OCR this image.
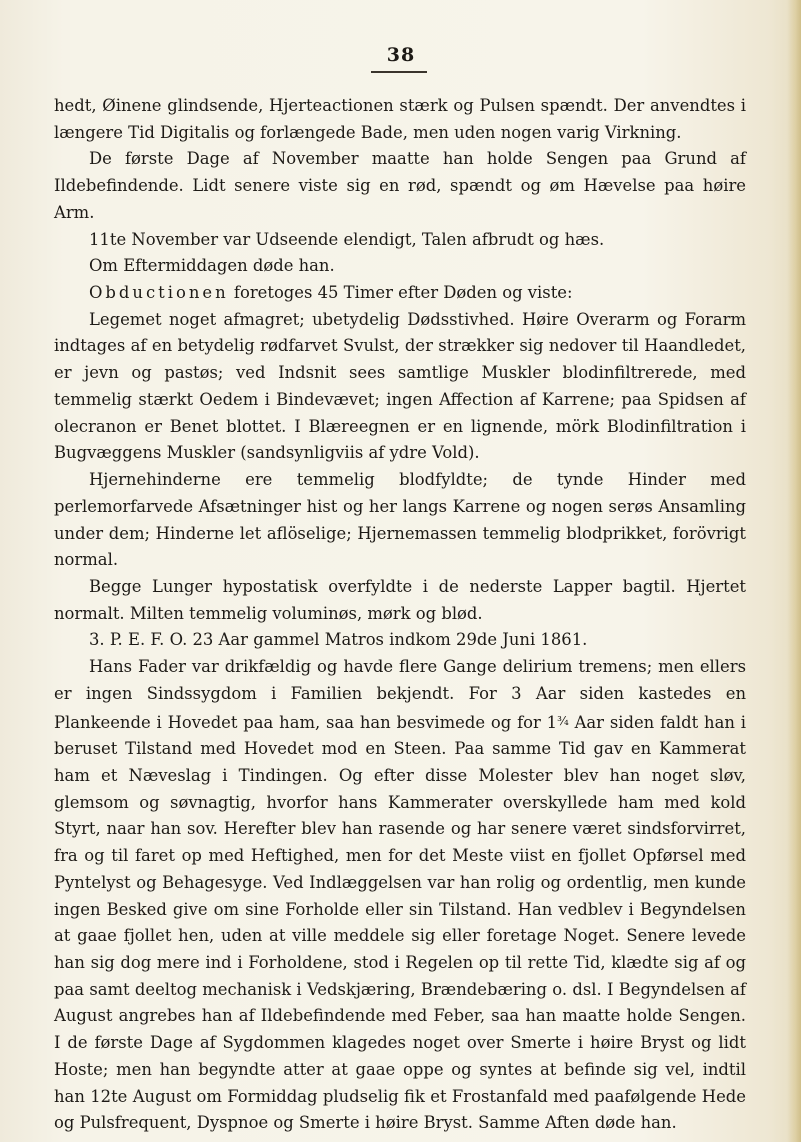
38

hedt, Øinene glindsende, Hjerteactionen stærk og Pulsen spændt. Der anvendtes i længere Tid Digitalis og forlængede Bade, men uden nogen varig Virkning.

De første Dage af November maatte han holde Sengen paa Grund af Ildebefindende. Lidt senere viste sig en rød, spændt og øm Hævelse paa høire Arm.

11te November var Udseende elendigt, Talen afbrudt og hæs.

Om Eftermiddagen døde han.

Obductionen foretoges 45 Timer efter Døden og viste:

Legemet noget afmagret; ubetydelig Dødsstivhed. Høire Overarm og Forarm indtages af en betydelig rødfarvet Svulst, der strækker sig nedover til Haandledet, er jevn og pastøs; ved Indsnit sees samtlige Muskler blodinfiltrerede, med temmelig stærkt Oedem i Bindevævet; ingen Affection af Karrene; paa Spidsen af olecranon er Benet blottet. I Blæreegnen er en lignende, mörk Blodinfiltration i Bugvæggens Muskler (sandsynligviis af ydre Vold).

Hjernehinderne ere temmelig blodfyldte; de tynde Hinder med perlemorfarvede Afsætninger hist og her langs Karrene og nogen serøs Ansamling under dem; Hinderne let aflöselige; Hjernemassen temmelig blodprikket, forövrigt normal.

Begge Lunger hypostatisk overfyldte i de nederste Lapper bagtil. Hjertet normalt. Milten temmelig voluminøs, mørk og blød.

3. P. E. F. O. 23 Aar gammel Matros indkom 29de Juni 1861.

Hans Fader var drikfældig og havde flere Gange delirium tremens; men ellers er ingen Sindssygdom i Familien bekjendt. For 3 Aar siden kastedes en Plankeende i Hovedet paa ham, saa han besvimede og for 1¾ Aar siden faldt han i beruset Tilstand med Hovedet mod en Steen. Paa samme Tid gav en Kammerat ham et Næveslag i Tindingen. Og efter disse Molester blev han noget sløv, glemsom og søvnagtig, hvorfor hans Kammerater overskyllede ham med kold Styrt, naar han sov. Herefter blev han rasende og har senere været sindsforvirret, fra og til faret op med Heftighed, men for det Meste viist en fjollet Opførsel med Pyntelyst og Behagesyge. Ved Indlæggelsen var han rolig og ordentlig, men kunde ingen Besked give om sine Forholde eller sin Tilstand. Han vedblev i Begyndelsen at gaae fjollet hen, uden at ville meddele sig eller foretage Noget. Senere levede han sig dog mere ind i Forholdene, stod i Regelen op til rette Tid, klædte sig af og paa samt deeltog mechanisk i Vedskjæring, Brændebæring o. dsl. I Begyndelsen af August angrebes han af Ildebefindende med Feber, saa han maatte holde Sengen. I de første Dage af Sygdommen klagedes noget over Smerte i høire Bryst og lidt Hoste; men han begyndte atter at gaae oppe og syntes at befinde sig vel, indtil han 12te August om Formiddag pludselig fik et Frostanfald med paafølgende Hede og Pulsfrequent, Dyspnoe og Smerte i høire Bryst. Samme Aften døde han.
